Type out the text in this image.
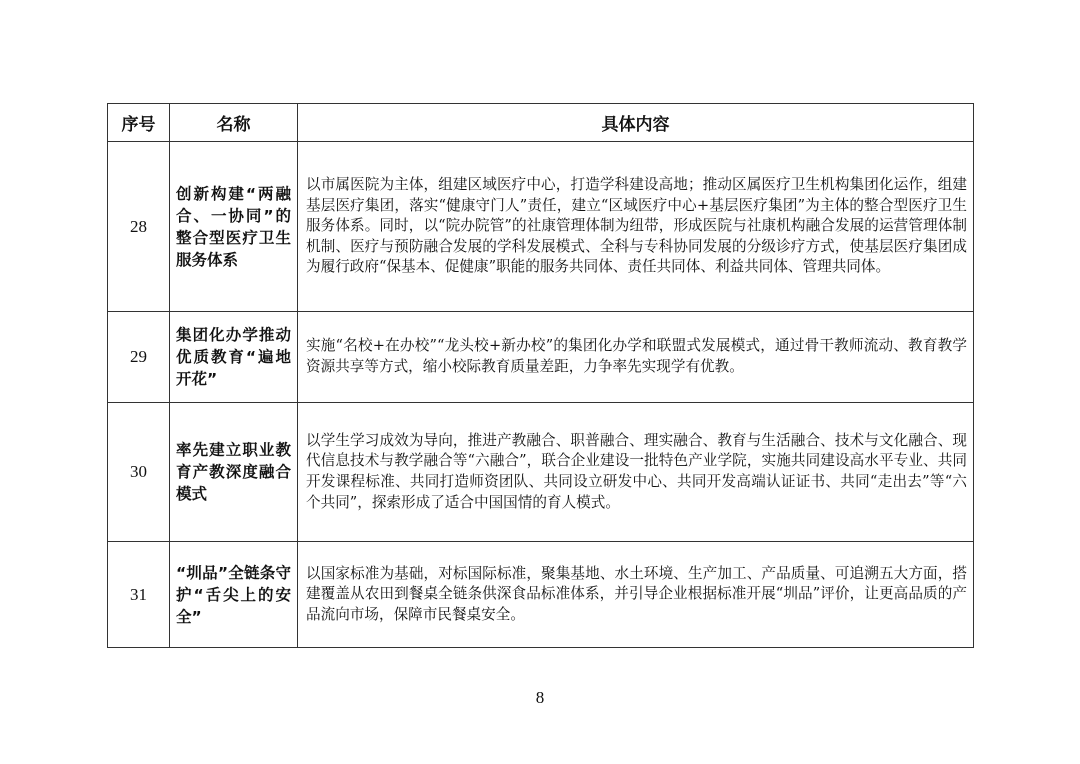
序号	名称	具体内容
28	创新构建“两融合、一协同”的整合型医疗卫生服务体系	以市属医院为主体，组建区域医疗中心，打造学科建设高地；推动区属医疗卫生机构集团化运作，组建基层医疗集团，落实“健康守门人”责任，建立“区域医疗中心+基层医疗集团”为主体的整合型医疗卫生服务体系。同时，以“院办院管”的社康管理体制为纽带，形成医院与社康机构融合发展的运营管理体制机制、医疗与预防融合发展的学科发展模式、全科与专科协同发展的分级诊疗方式，使基层医疗集团成为履行政府“保基本、促健康”职能的服务共同体、责任共同体、利益共同体、管理共同体。
29	集团化办学推动优质教育“遍地开花”	实施“名校+在办校”“龙头校+新办校”的集团化办学和联盟式发展模式，通过骨干教师流动、教育教学资源共享等方式，缩小校际教育质量差距，力争率先实现学有优教。
30	率先建立职业教育产教深度融合模式	以学生学习成效为导向，推进产教融合、职普融合、理实融合、教育与生活融合、技术与文化融合、现代信息技术与教学融合等“六融合”，联合企业建设一批特色产业学院，实施共同建设高水平专业、共同开发课程标准、共同打造师资团队、共同设立研发中心、共同开发高端认证证书、共同“走出去”等“六个共同”，探索形成了适合中国国情的育人模式。
31	“圳品”全链条守护“舌尖上的安全”	以国家标准为基础，对标国际标准，聚集基地、水土环境、生产加工、产品质量、可追溯五大方面，搭建覆盖从农田到餐桌全链条供深食品标准体系，并引导企业根据标准开展“圳品”评价，让更高品质的产品流向市场，保障市民餐桌安全。
8
